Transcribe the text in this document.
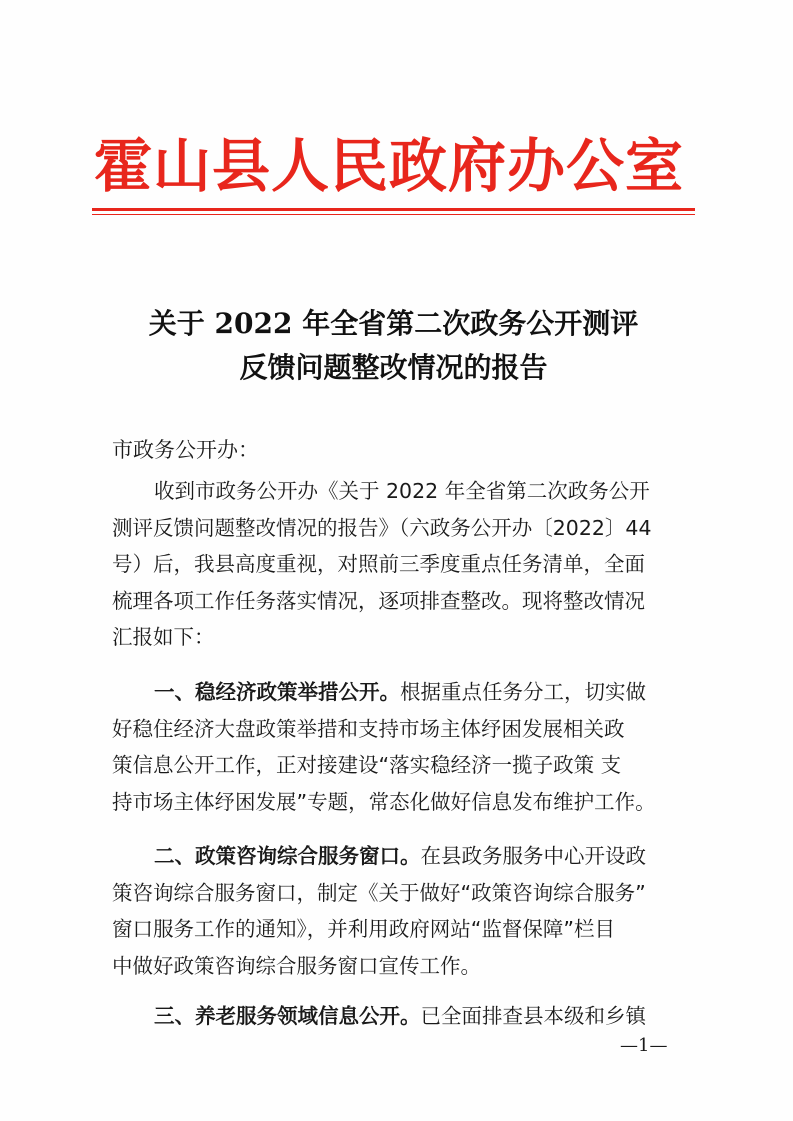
霍山县人民政府办公室
关于 2022 年全省第二次政务公开测评
反馈问题整改情况的报告
市政务公开办：
收到市政务公开办《关于 2022 年全省第二次政务公开
测评反馈问题整改情况的报告》（六政务公开办〔2022〕44
号）后，我县高度重视，对照前三季度重点任务清单，全面
梳理各项工作任务落实情况，逐项排查整改。现将整改情况
汇报如下：
一、稳经济政策举措公开。根据重点任务分工，切实做
好稳住经济大盘政策举措和支持市场主体纾困发展相关政
策信息公开工作，正对接建设“落实稳经济一揽子政策 支
持市场主体纾困发展”专题，常态化做好信息发布维护工作。
二、政策咨询综合服务窗口。在县政务服务中心开设政
策咨询综合服务窗口，制定《关于做好“政策咨询综合服务”
窗口服务工作的通知》，并利用政府网站“监督保障”栏目
中做好政策咨询综合服务窗口宣传工作。
三、养老服务领域信息公开。已全面排查县本级和乡镇
—1—
